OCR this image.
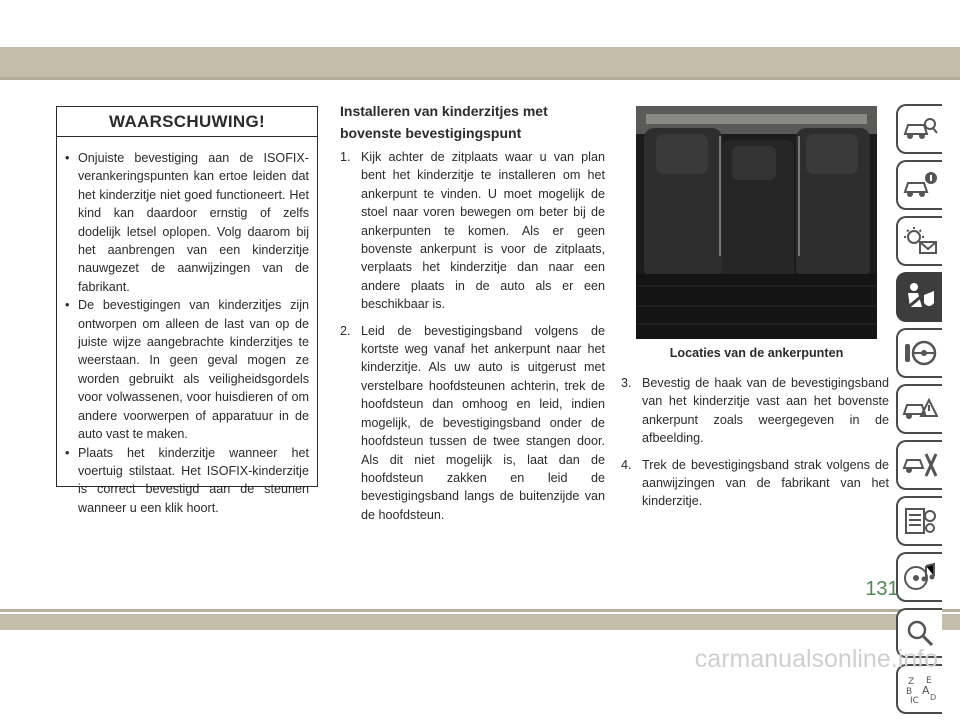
WAARSCHUWING!
• Onjuiste bevestiging aan de ISOFIX-verankeringspunten kan ertoe leiden dat het kinderzitje niet goed functioneert. Het kind kan daardoor ernstig of zelfs dodelijk letsel oplopen. Volg daarom bij het aanbrengen van een kinderzitje nauwgezet de aanwijzingen van de fabrikant.
• De bevestigingen van kinderzitjes zijn ontworpen om alleen de last van op de juiste wijze aangebrachte kinderzitjes te weerstaan. In geen geval mogen ze worden gebruikt als veiligheidsgordels voor volwassenen, voor huisdieren of om andere voorwerpen of apparatuur in de auto vast te maken.
• Plaats het kinderzitje wanneer het voertuig stilstaat. Het ISOFIX-kinderzitje is correct bevestigd aan de steunen wanneer u een klik hoort.
Installeren van kinderzitjes met bovenste bevestigingspunt
1. Kijk achter de zitplaats waar u van plan bent het kinderzitje te installeren om het ankerpunt te vinden. U moet mogelijk de stoel naar voren bewegen om beter bij de ankerpunten te komen. Als er geen bovenste ankerpunt is voor de zitplaats, verplaats het kinderzitje dan naar een andere plaats in de auto als er een beschikbaar is.
2. Leid de bevestigingsband volgens de kortste weg vanaf het ankerpunt naar het kinderzitje. Als uw auto is uitgerust met verstelbare hoofdsteunen achterin, trek de hoofdsteun dan omhoog en leid, indien mogelijk, de bevestigingsband onder de hoofdsteun tussen de twee stangen door. Als dit niet mogelijk is, laat dan de hoofdsteun zakken en leid de bevestigingsband langs de buitenzijde van de hoofdsteun.
Locaties van de ankerpunten
3. Bevestig de haak van de bevestigingsband van het kinderzitje vast aan het bovenste ankerpunt zoals weergegeven in de afbeelding.
4. Trek de bevestigingsband strak volgens de aanwijzingen van de fabrikant van het kinderzitje.
Z E
B A
IC D
131
carmanualsonline.info
